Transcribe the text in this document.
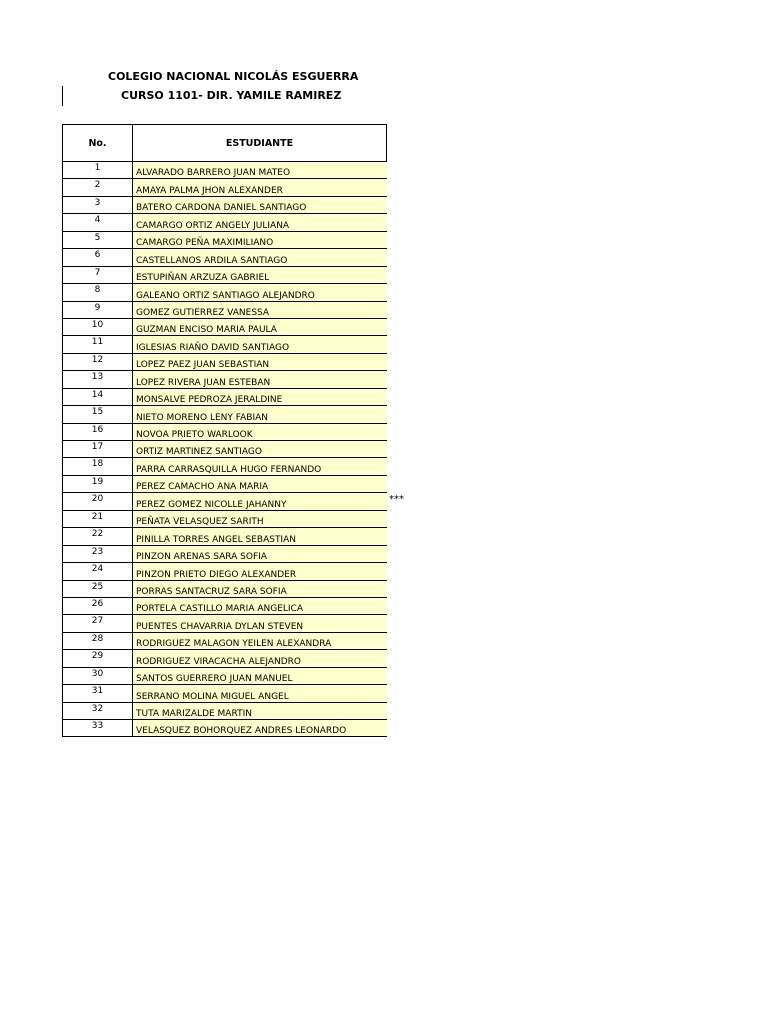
COLEGIO NACIONAL NICOLÁS ESGUERRA
CURSO 1101- DIR. YAMILE RAMIREZ
No.	ESTUDIANTE
1	ALVARADO BARRERO JUAN MATEO
2	AMAYA PALMA JHON ALEXANDER
3	BATERO CARDONA DANIEL SANTIAGO
4	CAMARGO ORTIZ ANGELY JULIANA
5	CAMARGO PEÑA MAXIMILIANO
6	CASTELLANOS ARDILA SANTIAGO
7	ESTUPIÑAN ARZUZA GABRIEL
8	GALEANO ORTIZ SANTIAGO ALEJANDRO
9	GOMEZ GUTIERREZ VANESSA
10	GUZMAN ENCISO MARIA PAULA
11	IGLESIAS RIAÑO DAVID SANTIAGO
12	LOPEZ PAEZ JUAN SEBASTIAN
13	LOPEZ RIVERA JUAN ESTEBAN
14	MONSALVE PEDROZA JERALDINE
15	NIETO MORENO LENY FABIAN
16	NOVOA PRIETO WARLOOK
17	ORTIZ MARTINEZ SANTIAGO
18	PARRA CARRASQUILLA HUGO FERNANDO
19	PEREZ CAMACHO ANA MARIA
20	PEREZ GOMEZ NICOLLE JAHANNY
21	PEÑATA VELASQUEZ SARITH
22	PINILLA TORRES ANGEL SEBASTIAN
23	PINZON ARENAS SARA SOFIA
24	PINZON PRIETO DIEGO ALEXANDER
25	PORRAS SANTACRUZ SARA SOFIA
26	PORTELA CASTILLO MARIA ANGELICA
27	PUENTES CHAVARRIA DYLAN STEVEN
28	RODRIGUEZ MALAGON YEILEN ALEXANDRA
29	RODRIGUEZ VIRACACHA ALEJANDRO
30	SANTOS GUERRERO JUAN MANUEL
31	SERRANO MOLINA MIGUEL ANGEL
32	TUTA MARIZALDE MARTIN
33	VELASQUEZ BOHORQUEZ ANDRES LEONARDO
***
